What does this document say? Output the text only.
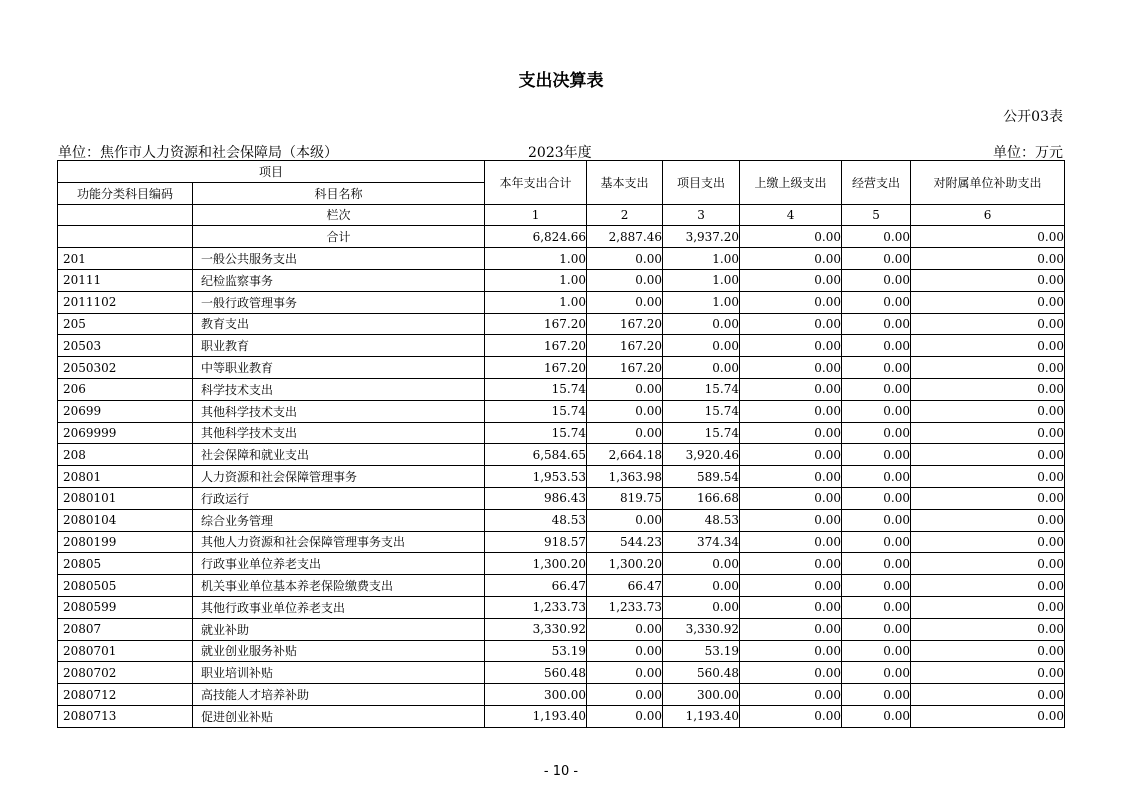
支出决算表
公开03表
单位：焦作市人力资源和社会保障局（本级）	2023年度	单位：万元
项目		本年支出合计	基本支出	项目支出	上缴上级支出	经营支出	对附属单位补助支出
功能分类科目编码	科目名称						
	栏次	1	2	3	4	5	6
	合计	6,824.66	2,887.46	3,937.20	0.00	0.00	0.00
201	一般公共服务支出	1.00	0.00	1.00	0.00	0.00	0.00
20111	纪检监察事务	1.00	0.00	1.00	0.00	0.00	0.00
2011102	一般行政管理事务	1.00	0.00	1.00	0.00	0.00	0.00
205	教育支出	167.20	167.20	0.00	0.00	0.00	0.00
20503	职业教育	167.20	167.20	0.00	0.00	0.00	0.00
2050302	中等职业教育	167.20	167.20	0.00	0.00	0.00	0.00
206	科学技术支出	15.74	0.00	15.74	0.00	0.00	0.00
20699	其他科学技术支出	15.74	0.00	15.74	0.00	0.00	0.00
2069999	其他科学技术支出	15.74	0.00	15.74	0.00	0.00	0.00
208	社会保障和就业支出	6,584.65	2,664.18	3,920.46	0.00	0.00	0.00
20801	人力资源和社会保障管理事务	1,953.53	1,363.98	589.54	0.00	0.00	0.00
2080101	行政运行	986.43	819.75	166.68	0.00	0.00	0.00
2080104	综合业务管理	48.53	0.00	48.53	0.00	0.00	0.00
2080199	其他人力资源和社会保障管理事务支出	918.57	544.23	374.34	0.00	0.00	0.00
20805	行政事业单位养老支出	1,300.20	1,300.20	0.00	0.00	0.00	0.00
2080505	机关事业单位基本养老保险缴费支出	66.47	66.47	0.00	0.00	0.00	0.00
2080599	其他行政事业单位养老支出	1,233.73	1,233.73	0.00	0.00	0.00	0.00
20807	就业补助	3,330.92	0.00	3,330.92	0.00	0.00	0.00
2080701	就业创业服务补贴	53.19	0.00	53.19	0.00	0.00	0.00
2080702	职业培训补贴	560.48	0.00	560.48	0.00	0.00	0.00
2080712	高技能人才培养补助	300.00	0.00	300.00	0.00	0.00	0.00
2080713	促进创业补贴	1,193.40	0.00	1,193.40	0.00	0.00	0.00
- 10 -
